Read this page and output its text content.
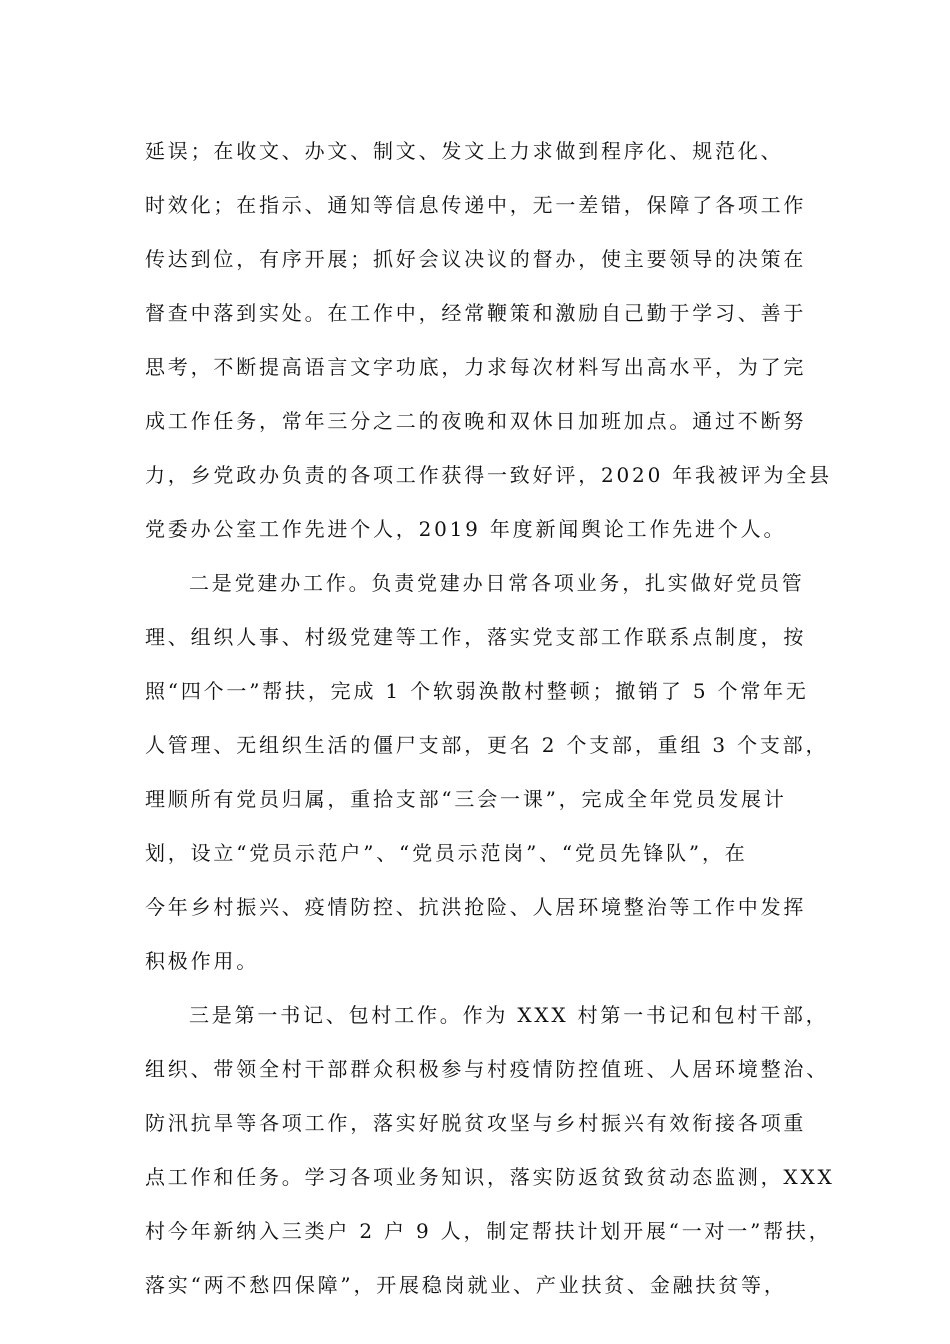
延误；在收文、办文、制文、发文上力求做到程序化、规范化、
时效化；在指示、通知等信息传递中，无一差错，保障了各项工作
传达到位，有序开展；抓好会议决议的督办，使主要领导的决策在
督查中落到实处。在工作中，经常鞭策和激励自己勤于学习、善于
思考，不断提高语言文字功底，力求每次材料写出高水平，为了完
成工作任务，常年三分之二的夜晚和双休日加班加点。通过不断努
力，乡党政办负责的各项工作获得一致好评，2020 年我被评为全县
党委办公室工作先进个人，2019 年度新闻舆论工作先进个人。
二是党建办工作。负责党建办日常各项业务，扎实做好党员管
理、组织人事、村级党建等工作，落实党支部工作联系点制度，按
照“四个一”帮扶，完成 1 个软弱涣散村整顿；撤销了 5 个常年无
人管理、无组织生活的僵尸支部，更名 2 个支部，重组 3 个支部，
理顺所有党员归属，重拾支部“三会一课”，完成全年党员发展计
划，设立“党员示范户”、“党员示范岗”、“党员先锋队”，在
今年乡村振兴、疫情防控、抗洪抢险、人居环境整治等工作中发挥
积极作用。
三是第一书记、包村工作。作为 XXX 村第一书记和包村干部，
组织、带领全村干部群众积极参与村疫情防控值班、人居环境整治、
防汛抗旱等各项工作，落实好脱贫攻坚与乡村振兴有效衔接各项重
点工作和任务。学习各项业务知识，落实防返贫致贫动态监测，XXX
村今年新纳入三类户 2 户 9 人，制定帮扶计划开展“一对一”帮扶，
落实“两不愁四保障”，开展稳岗就业、产业扶贫、金融扶贫等，
